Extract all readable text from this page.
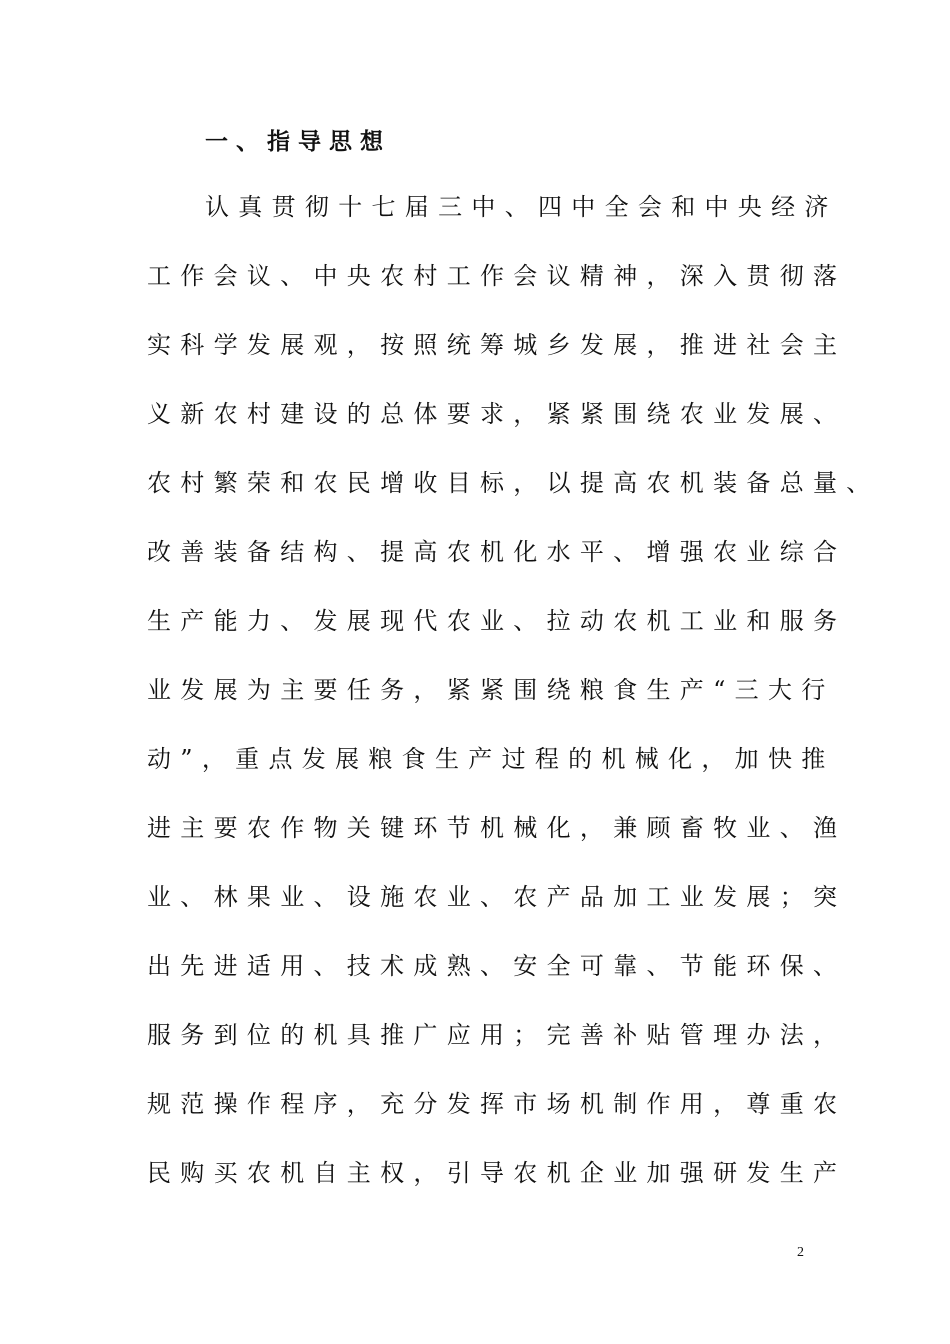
一、指导思想
认真贯彻十七届三中、四中全会和中央经济
工作会议、中央农村工作会议精神，深入贯彻落
实科学发展观，按照统筹城乡发展，推进社会主
义新农村建设的总体要求，紧紧围绕农业发展、
农村繁荣和农民增收目标，以提高农机装备总量、
改善装备结构、提高农机化水平、增强农业综合
生产能力、发展现代农业、拉动农机工业和服务
业发展为主要任务，紧紧围绕粮食生产“三大行
动”，重点发展粮食生产过程的机械化，加快推
进主要农作物关键环节机械化，兼顾畜牧业、渔
业、林果业、设施农业、农产品加工业发展；突
出先进适用、技术成熟、安全可靠、节能环保、
服务到位的机具推广应用；完善补贴管理办法，
规范操作程序，充分发挥市场机制作用，尊重农
民购买农机自主权，引导农机企业加强研发生产
2
